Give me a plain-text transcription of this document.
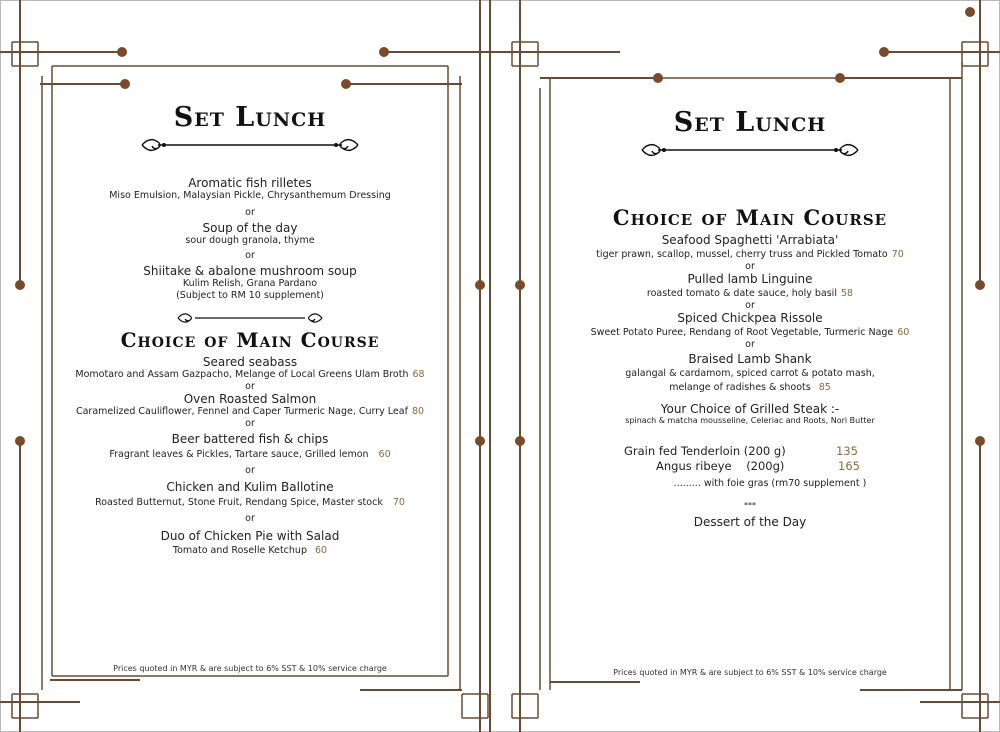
Set Lunch
Aromatic fish rilletes
Miso Emulsion, Malaysian Pickle, Chrysanthemum Dressing
or
Soup of the day
sour dough granola, thyme
or
Shiitake & abalone mushroom soup
Kulim Relish, Grana Pardano
(Subject to RM 10 supplement)
Choice of Main Course
Seared seabass
Momotaro and Assam Gazpacho, Melange of Local Greens Ulam Broth 68
or
Oven Roasted Salmon
Caramelized Cauliflower, Fennel and Caper Turmeric Nage, Curry Leaf 80
or
Beer battered fish & chips
Fragrant leaves & Pickles, Tartare sauce, Grilled lemon 60
or
Chicken and Kulim Ballotine
Roasted Butternut, Stone Fruit, Rendang Spice, Master stock 70
or
Duo of Chicken Pie with Salad
Tomato and Roselle Ketchup 60
Prices quoted in MYR & are subject to 6% SST & 10% service charge
Set Lunch
Choice of Main Course
Seafood Spaghetti 'Arrabiata'
tiger prawn, scallop, mussel, cherry truss and Pickled Tomato 70
or
Pulled lamb Linguine
roasted tomato & date sauce, holy basil 58
or
Spiced Chickpea Rissole
Sweet Potato Puree, Rendang of Root Vegetable, Turmeric Nage 60
or
Braised Lamb Shank
galangal & cardamom, spiced carrot & potato mash,
melange of radishes & shoots 85
Your Choice of Grilled Steak :-
spinach & matcha mousseline, Celeriac and Roots, Nori Butter
Grain fed Tenderloin (200 g)	135
Angus ribeye    (200g)	165
......... with foie gras (rm70 supplement )
***
Dessert of the Day
Prices quoted in MYR & are subject to 6% SST & 10% service charge
